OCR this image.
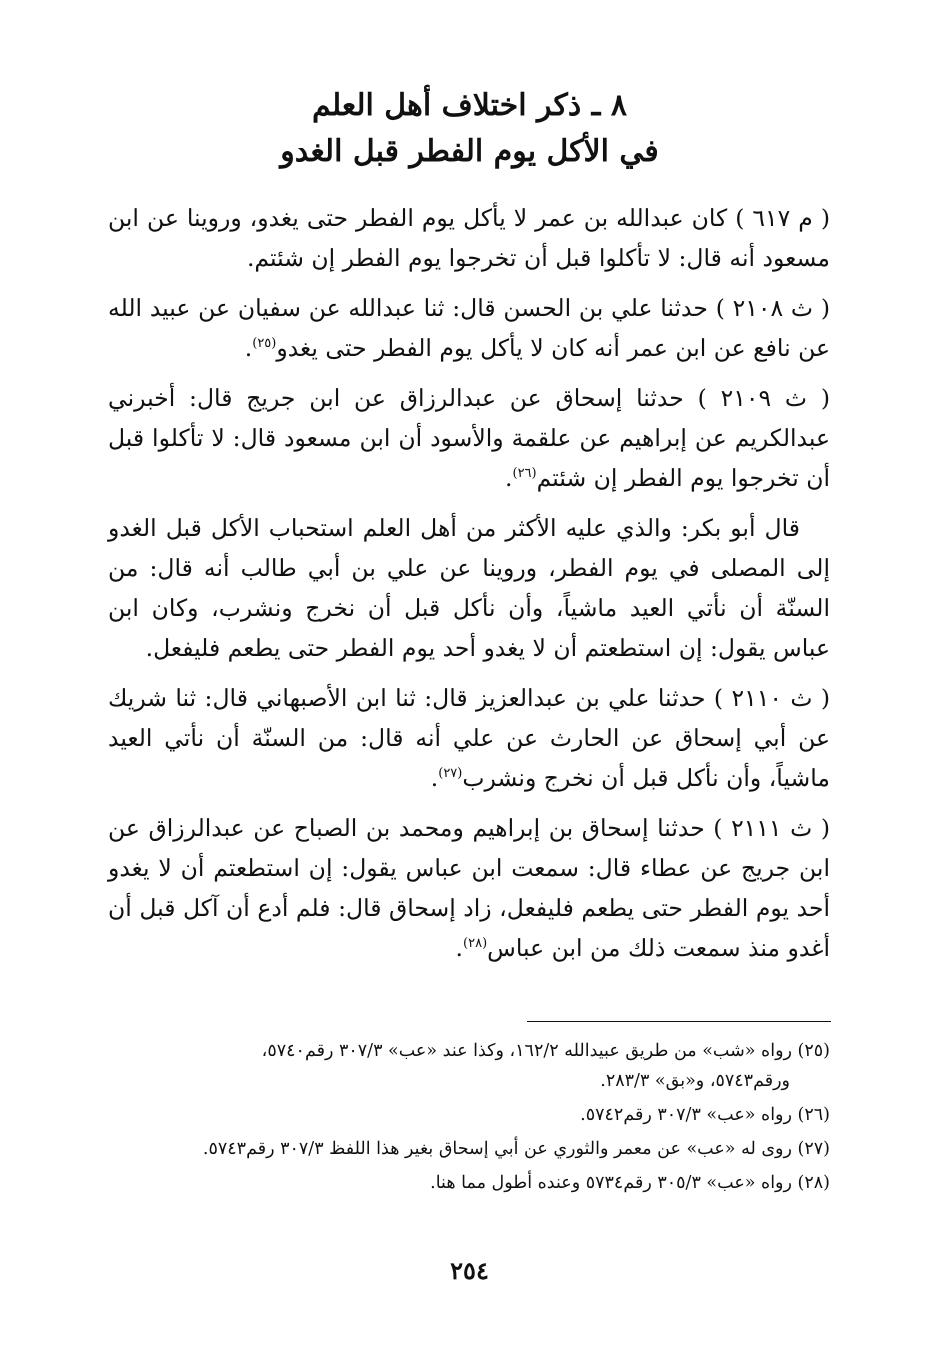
٨ ـ ذكر اختلاف أهل العلم
في الأكل يوم الفطر قبل الغدو

( م ٦١٧ ) كان عبدالله بن عمر لا يأكل يوم الفطر حتى يغدو، وروينا عن ابن مسعود أنه قال: لا تأكلوا قبل أن تخرجوا يوم الفطر إن شئتم.

( ث ٢١٠٨ ) حدثنا علي بن الحسن قال: ثنا عبدالله عن سفيان عن عبيد الله عن نافع عن ابن عمر أنه كان لا يأكل يوم الفطر حتى يغدو$^{(٢٥)}$.

( ث ٢١٠٩ ) حدثنا إسحاق عن عبدالرزاق عن ابن جريج قال: أخبرني عبدالكريم عن إبراهيم عن علقمة والأسود أن ابن مسعود قال: لا تأكلوا قبل أن تخرجوا يوم الفطر إن شئتم$^{(٢٦)}$.

قال أبو بكر: والذي عليه الأكثر من أهل العلم استحباب الأكل قبل الغدو إلى المصلى في يوم الفطر، وروينا عن علي بن أبي طالب أنه قال: من السنّة أن نأتي العيد ماشياً، وأن نأكل قبل أن نخرج ونشرب، وكان ابن عباس يقول: إن استطعتم أن لا يغدو أحد يوم الفطر حتى يطعم فليفعل.

( ث ٢١١٠ ) حدثنا علي بن عبدالعزيز قال: ثنا ابن الأصبهاني قال: ثنا شريك عن أبي إسحاق عن الحارث عن علي أنه قال: من السنّة أن نأتي العيد ماشياً، وأن نأكل قبل أن نخرج ونشرب$^{(٢٧)}$.

( ث ٢١١١ ) حدثنا إسحاق بن إبراهيم ومحمد بن الصباح عن عبدالرزاق عن ابن جريج عن عطاء قال: سمعت ابن عباس يقول: إن استطعتم أن لا يغدو أحد يوم الفطر حتى يطعم فليفعل، زاد إسحاق قال: فلم أدع أن آكل قبل أن أغدو منذ سمعت ذلك من ابن عباس$^{(٢٨)}$.

(٢٥) رواه «شب» من طريق عبيدالله ١٦٢/٢، وكذا عند «عب» ٣٠٧/٣ رقم٥٧٤٠،
ورقم٥٧٤٣، و«بق» ٢٨٣/٣.
(٢٦) رواه «عب» ٣٠٧/٣ رقم٥٧٤٢.
(٢٧) روى له «عب» عن معمر والثوري عن أبي إسحاق بغير هذا اللفظ ٣٠٧/٣ رقم٥٧٤٣.
(٢٨) رواه «عب» ٣٠٥/٣ رقم٥٧٣٤ وعنده أطول مما هنا.
٢٥٤
